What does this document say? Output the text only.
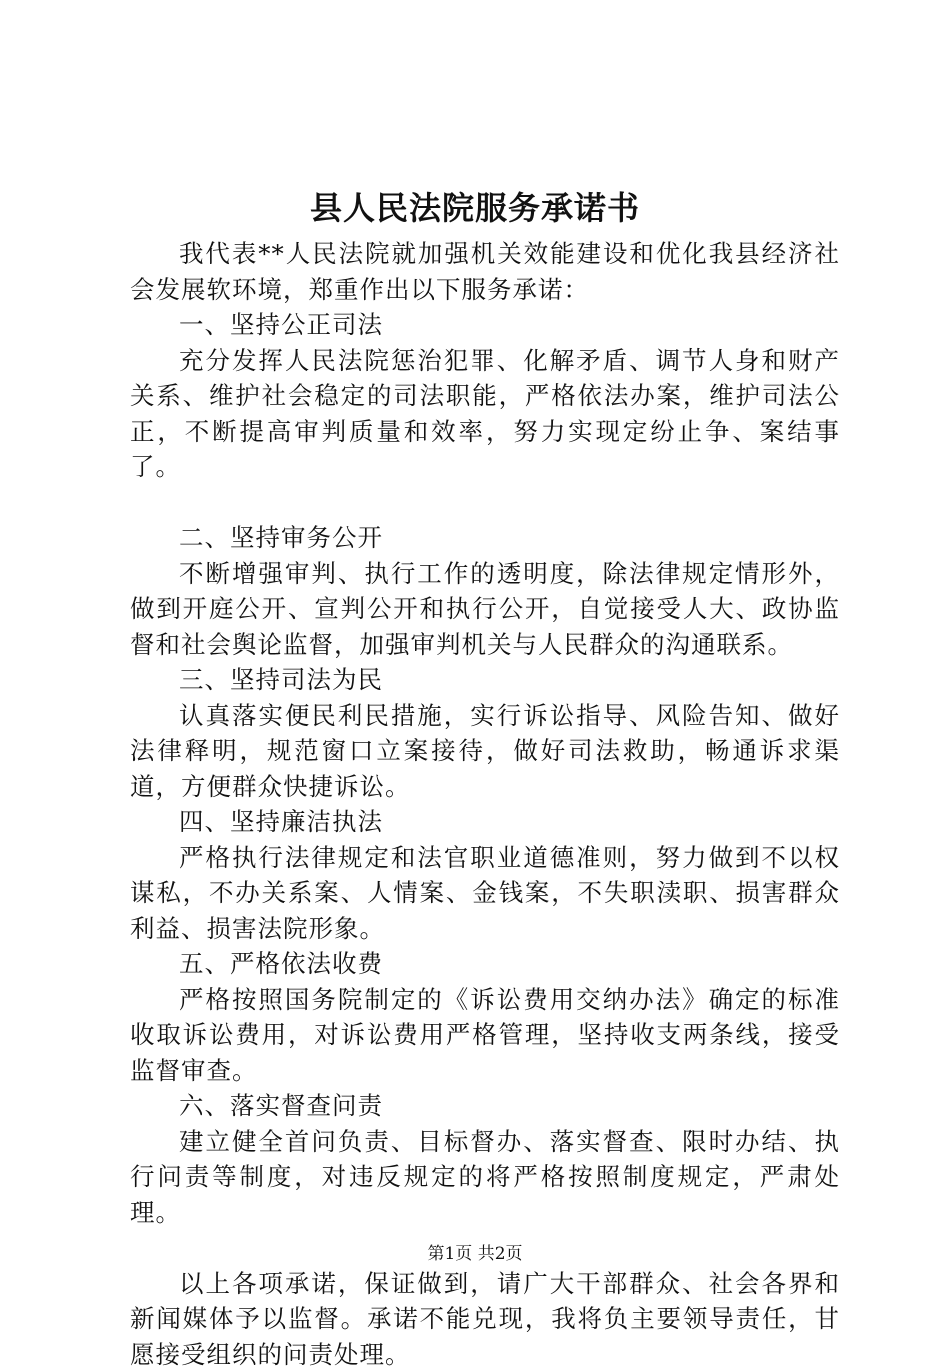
县人民法院服务承诺书

我代表**人民法院就加强机关效能建设和优化我县经济社会发展软环境，郑重作出以下服务承诺：

一、坚持公正司法

充分发挥人民法院惩治犯罪、化解矛盾、调节人身和财产关系、维护社会稳定的司法职能，严格依法办案，维护司法公正，不断提高审判质量和效率，努力实现定纷止争、案结事了。

二、坚持审务公开

不断增强审判、执行工作的透明度，除法律规定情形外，做到开庭公开、宣判公开和执行公开，自觉接受人大、政协监督和社会舆论监督，加强审判机关与人民群众的沟通联系。

三、坚持司法为民

认真落实便民利民措施，实行诉讼指导、风险告知、做好法律释明，规范窗口立案接待，做好司法救助，畅通诉求渠道，方便群众快捷诉讼。

四、坚持廉洁执法

严格执行法律规定和法官职业道德准则，努力做到不以权谋私，不办关系案、人情案、金钱案，不失职渎职、损害群众利益、损害法院形象。

五、严格依法收费

严格按照国务院制定的《诉讼费用交纳办法》确定的标准收取诉讼费用，对诉讼费用严格管理，坚持收支两条线，接受监督审查。

六、落实督查问责

建立健全首问负责、目标督办、落实督查、限时办结、执行问责等制度，对违反规定的将严格按照制度规定，严肃处理。

以上各项承诺，保证做到，请广大干部群众、社会各界和新闻媒体予以监督。承诺不能兑现，我将负主要领导责任，甘愿接受组织的问责处理。

第1页 共2页
